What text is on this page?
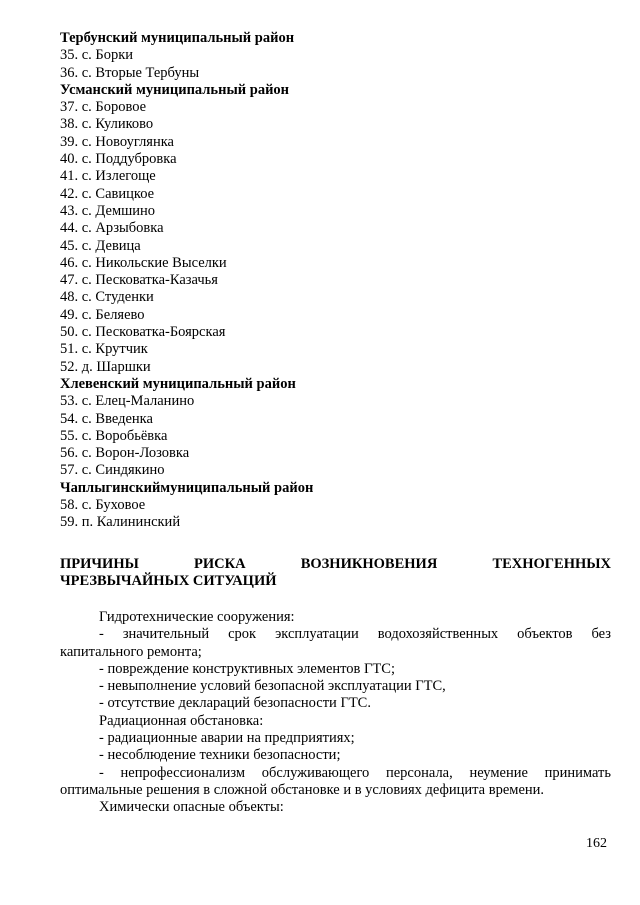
Тербунский муниципальный район
35. с. Борки
36. с. Вторые Тербуны
Усманский муниципальный район
37. с. Боровое
38. с. Куликово
39. с. Новоуглянка
40. с. Поддубровка
41. с. Излегоще
42. с. Савицкое
43. с. Демшино
44. с. Арзыбовка
45. с. Девица
46. с. Никольские Выселки
47. с. Песковатка-Казачья
48. с. Студенки
49. с. Беляево
50. с. Песковатка-Боярская
51. с. Крутчик
52. д. Шаршки
Хлевенский муниципальный район
53. с. Елец-Маланино
54. с. Введенка
55. с. Воробьёвка
56. с. Ворон-Лозовка
57. с. Синдякино
Чаплыгинскиймуниципальный район
58. с. Буховое
59. п. Калининский
ПРИЧИНЫ	РИСКА	ВОЗНИКНОВЕНИЯ	ТЕХНОГЕННЫХ
ЧРЕЗВЫЧАЙНЫХ СИТУАЦИЙ
Гидротехнические сооружения:
- значительный срок эксплуатации водохозяйственных объектов без
капитального ремонта;
- повреждение конструктивных элементов ГТС;
- невыполнение условий безопасной эксплуатации ГТС,
- отсутствие деклараций безопасности ГТС.
Радиационная обстановка:
- радиационные аварии на предприятиях;
- несоблюдение техники безопасности;
- непрофессионализм обслуживающего персонала, неумение принимать
оптимальные решения в сложной обстановке и в условиях дефицита времени.
Химически опасные объекты:
162
